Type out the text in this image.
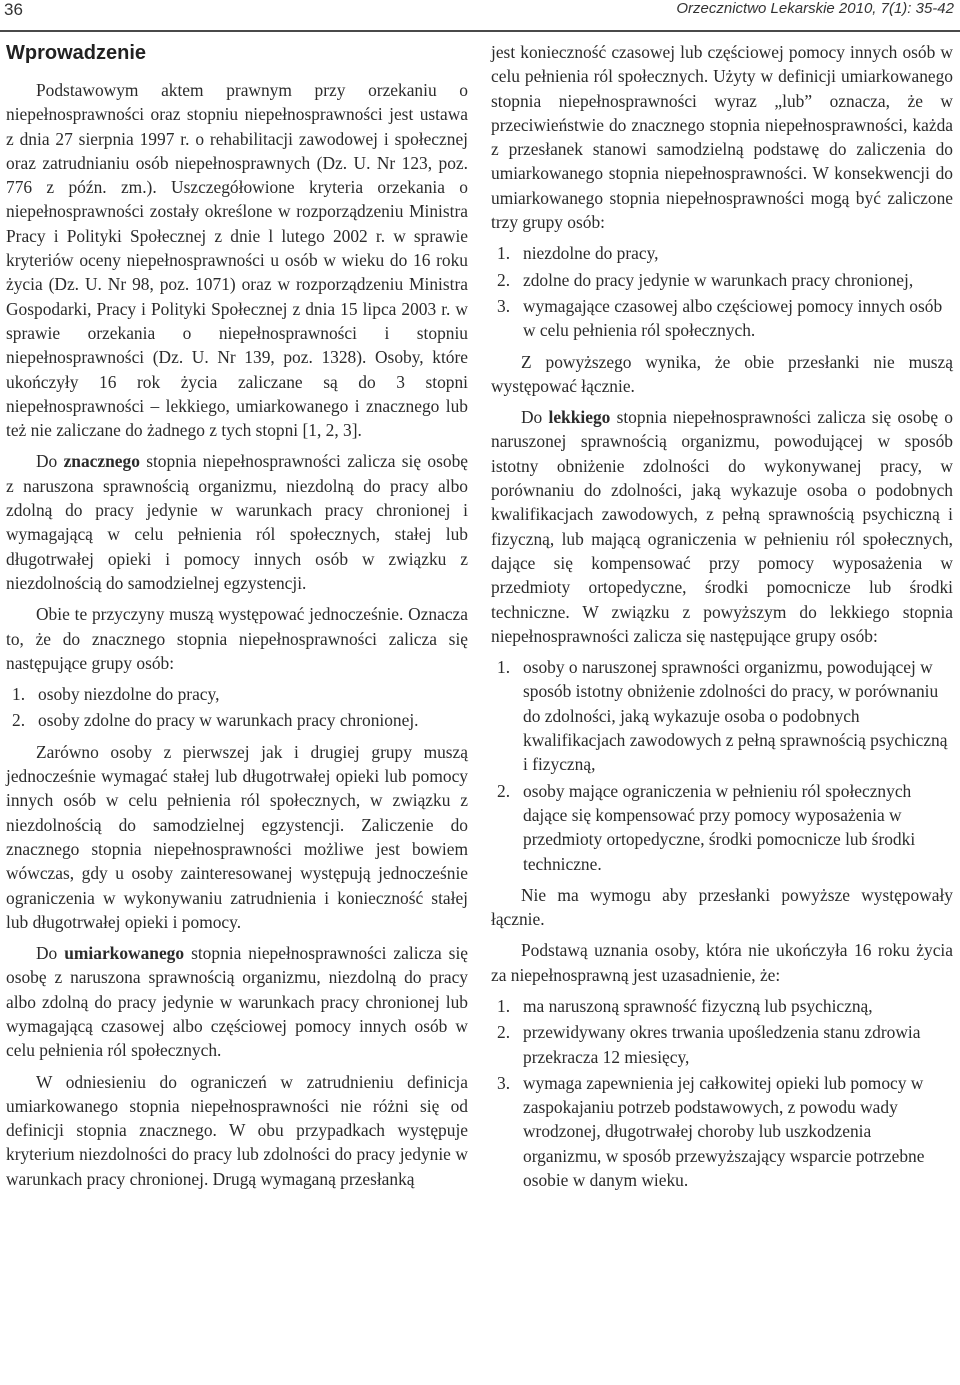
36	Orzecznictwo Lekarskie 2010, 7(1): 35-42
Wprowadzenie

Podstawowym aktem prawnym przy orzekaniu o niepełnosprawności oraz stopniu niepełnosprawności jest ustawa z dnia 27 sierpnia 1997 r. o rehabilitacji zawodowej i społecznej oraz zatrudnianiu osób niepełnosprawnych (Dz. U. Nr 123, poz. 776 z późn. zm.). Uszczegółowione kryteria orzekania o niepełnosprawności zostały określone w rozporządzeniu Ministra Pracy i Polityki Społecznej z dnie l lutego 2002 r. w sprawie kryteriów oceny niepełnosprawności u osób w wieku do 16 roku życia (Dz. U. Nr 98, poz. 1071) oraz w rozporządzeniu Ministra Gospodarki, Pracy i Polityki Społecznej z dnia 15 lipca 2003 r. w sprawie orzekania o niepełnosprawności i stopniu niepełnosprawności (Dz. U. Nr 139, poz. 1328). Osoby, które ukończyły 16 rok życia zaliczane są do 3 stopni niepełnosprawności – lekkiego, umiarkowanego i znacznego lub też nie zaliczane do żadnego z tych stopni [1, 2, 3].

Do znacznego stopnia niepełnosprawności zalicza się osobę z naruszona sprawnością organizmu, niezdolną do pracy albo zdolną do pracy jedynie w warunkach pracy chronionej i wymagającą w celu pełnienia ról społecznych, stałej lub długotrwałej opieki i pomocy innych osób w związku z niezdolnością do samodzielnej egzystencji.

Obie te przyczyny muszą występować jednocześnie. Oznacza to, że do znacznego stopnia niepełnosprawności zalicza się następujące grupy osób:

1. osoby niezdolne do pracy,
2. osoby zdolne do pracy w warunkach pracy chronionej.

Zarówno osoby z pierwszej jak i drugiej grupy muszą jednocześnie wymagać stałej lub długotrwałej opieki lub pomocy innych osób w celu pełnienia ról społecznych, w związku z niezdolnością do samodzielnej egzystencji. Zaliczenie do znacznego stopnia niepełnosprawności możliwe jest bowiem wówczas, gdy u osoby zainteresowanej występują jednocześnie ograniczenia w wykonywaniu zatrudnienia i konieczność stałej lub długotrwałej opieki i pomocy.

Do umiarkowanego stopnia niepełnosprawności zalicza się osobę z naruszona sprawnością organizmu, niezdolną do pracy albo zdolną do pracy jedynie w warunkach pracy chronionej lub wymagającą czasowej albo częściowej pomocy innych osób w celu pełnienia ról społecznych.

W odniesieniu do ograniczeń w zatrudnieniu definicja umiarkowanego stopnia niepełnosprawności nie różni się od definicji stopnia znacznego. W obu przypadkach występuje kryterium niezdolności do pracy lub zdolności do pracy jedynie w warunkach pracy chronionej. Drugą wymaganą przesłanką

jest konieczność czasowej lub częściowej pomocy innych osób w celu pełnienia ról społecznych. Użyty w definicji umiarkowanego stopnia niepełnosprawności wyraz „lub” oznacza, że w przeciwieństwie do znacznego stopnia niepełnosprawności, każda z przesłanek stanowi samodzielną podstawę do zaliczenia do umiarkowanego stopnia niepełnosprawności. W konsekwencji do umiarkowanego stopnia niepełnosprawności mogą być zaliczone trzy grupy osób:

1. niezdolne do pracy,
2. zdolne do pracy jedynie w warunkach pracy chronionej,
3. wymagające czasowej albo częściowej pomocy innych osób w celu pełnienia ról społecznych.

Z powyższego wynika, że obie przesłanki nie muszą występować łącznie.

Do lekkiego stopnia niepełnosprawności zalicza się osobę o naruszonej sprawnością organizmu, powodującej w sposób istotny obniżenie zdolności do wykonywanej pracy, w porównaniu do zdolności, jaką wykazuje osoba o podobnych kwalifikacjach zawodowych, z pełną sprawnością psychiczną i fizyczną, lub mającą ograniczenia w pełnieniu ról społecznych, dające się kompensować przy pomocy wyposażenia w przedmioty ortopedyczne, środki pomocnicze lub środki techniczne. W związku z powyższym do lekkiego stopnia niepełnosprawności zalicza się następujące grupy osób:

1. osoby o naruszonej sprawności organizmu, powodującej w sposób istotny obniżenie zdolności do pracy, w porównaniu do zdolności, jaką wykazuje osoba o podobnych kwalifikacjach zawodowych z pełną sprawnością psychiczną i fizyczną,
2. osoby mające ograniczenia w pełnieniu ról społecznych dające się kompensować przy pomocy wyposażenia w przedmioty ortopedyczne, środki pomocnicze lub środki techniczne.

Nie ma wymogu aby przesłanki powyższe występowały łącznie.

Podstawą uznania osoby, która nie ukończyła 16 roku życia za niepełnosprawną jest uzasadnienie, że:

1. ma naruszoną sprawność fizyczną lub psychiczną,
2. przewidywany okres trwania upośledzenia stanu zdrowia przekracza 12 miesięcy,
3. wymaga zapewnienia jej całkowitej opieki lub pomocy w zaspokajaniu potrzeb podstawowych, z powodu wady wrodzonej, długotrwałej choroby lub uszkodzenia organizmu, w sposób przewyższający wsparcie potrzebne osobie w danym wieku.
